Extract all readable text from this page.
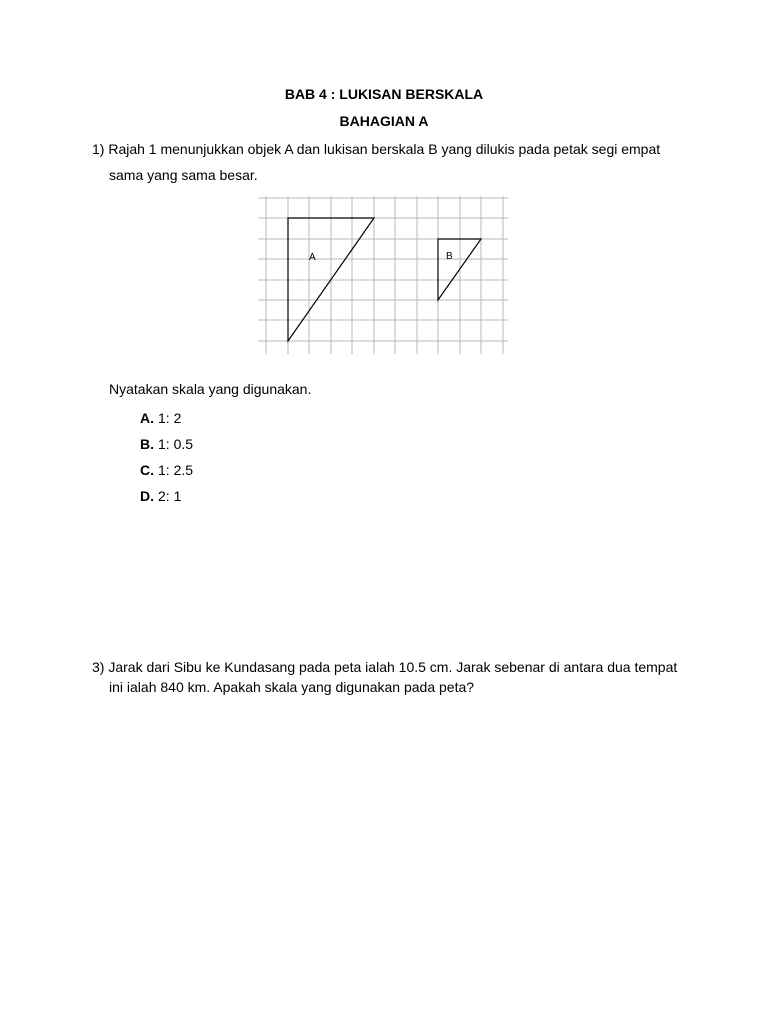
BAB 4 : LUKISAN BERSKALA
BAHAGIAN A
1) Rajah 1 menunjukkan objek A dan lukisan berskala B yang dilukis pada petak segi empat
sama yang sama besar.
A	B
Nyatakan skala yang digunakan.
A. 1: 2
B. 1: 0.5
C. 1: 2.5
D. 2: 1
3) Jarak dari Sibu ke Kundasang pada peta ialah 10.5 cm. Jarak sebenar di antara dua tempat
ini ialah 840 km. Apakah skala yang digunakan pada peta?
